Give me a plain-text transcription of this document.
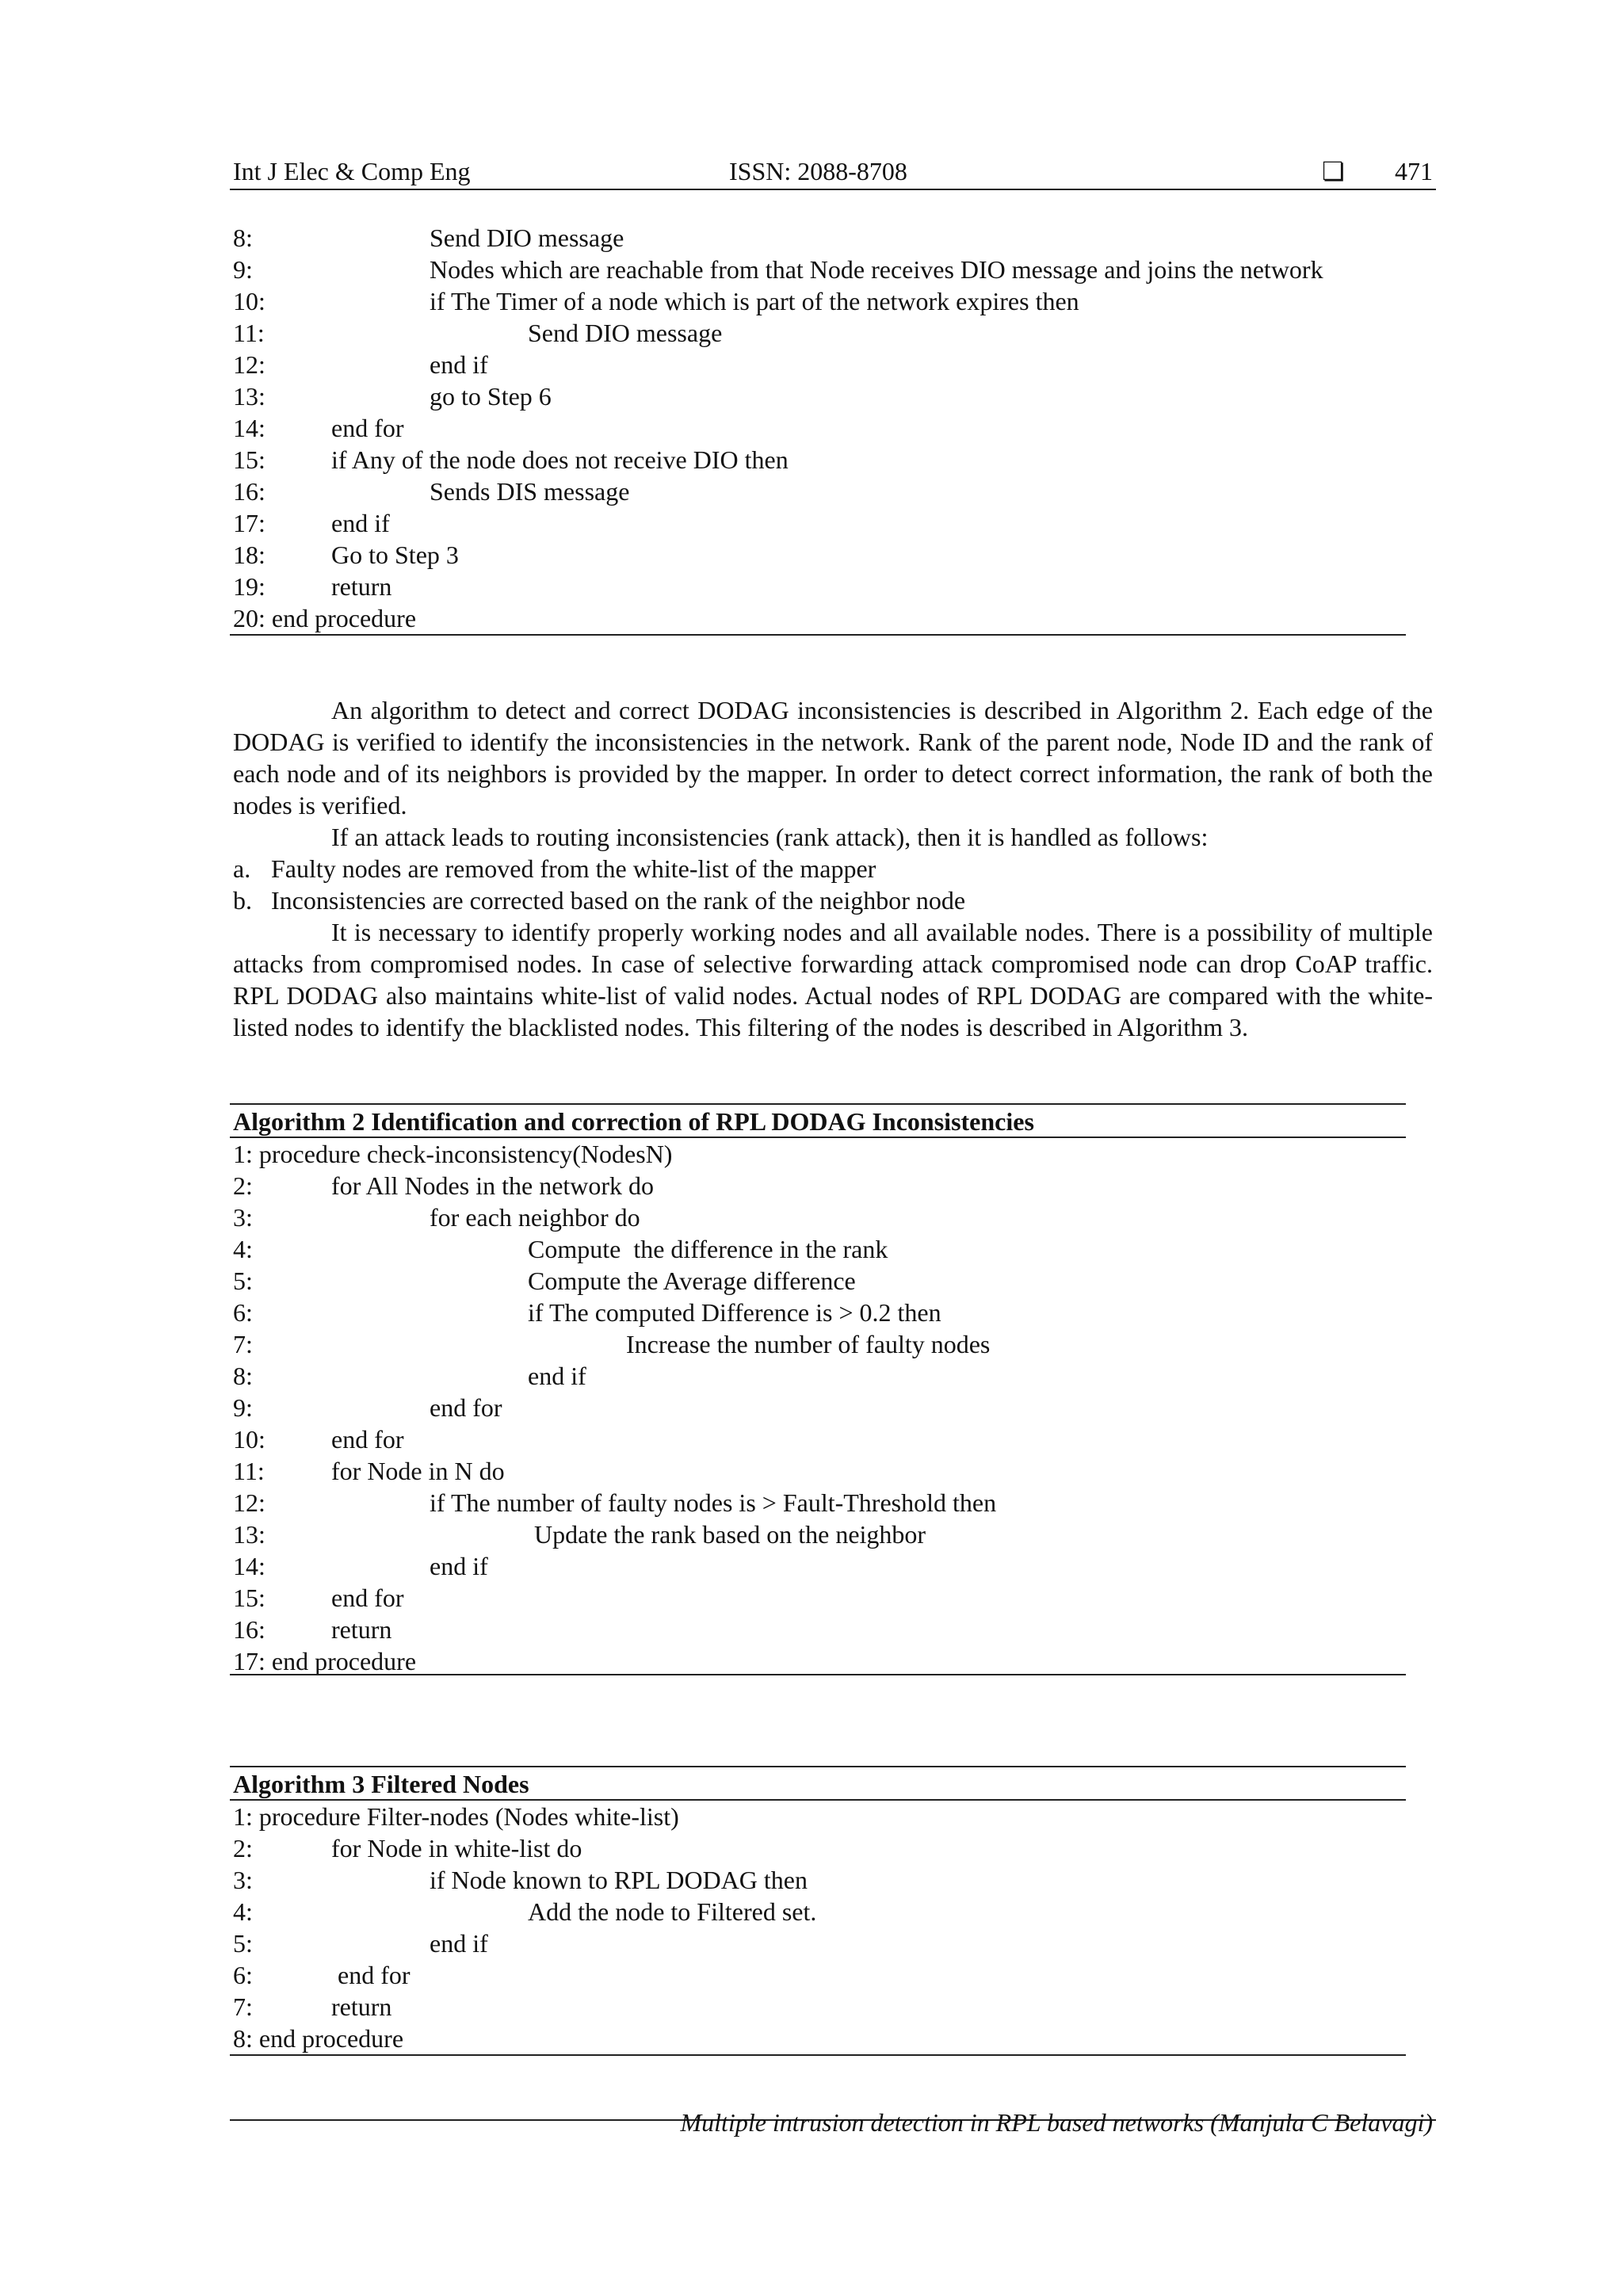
Int J Elec & Comp Eng	ISSN: 2088-8708	❏ 471
8:	Send DIO message
9:	Nodes which are reachable from that Node receives DIO message and joins the network
10:	if The Timer of a node which is part of the network expires then
11:	Send DIO message
12:	end if
13:	go to Step 6
14:	end for
15:	if Any of the node does not receive DIO then
16:	Sends DIS message
17:	end if
18:	Go to Step 3
19:	return
20: end procedure

An algorithm to detect and correct DODAG inconsistencies is described in Algorithm 2. Each edge of the DODAG is verified to identify the inconsistencies in the network. Rank of the parent node, Node ID and the rank of each node and of its neighbors is provided by the mapper. In order to detect correct information, the rank of both the nodes is verified.

If an attack leads to routing inconsistencies (rank attack), then it is handled as follows:

a. Faulty nodes are removed from the white-list of the mapper
b. Inconsistencies are corrected based on the rank of the neighbor node

It is necessary to identify properly working nodes and all available nodes. There is a possibility of multiple attacks from compromised nodes. In case of selective forwarding attack compromised node can drop CoAP traffic. RPL DODAG also maintains white-list of valid nodes. Actual nodes of RPL DODAG are compared with the white-listed nodes to identify the blacklisted nodes. This filtering of the nodes is described in Algorithm 3.

Algorithm 2 Identification and correction of RPL DODAG Inconsistencies
1: procedure check-inconsistency(NodesN)
2:	for All Nodes in the network do
3:	for each neighbor do
4:	Compute  the difference in the rank
5:	Compute the Average difference
6:	if The computed Difference is > 0.2 then
7:	Increase the number of faulty nodes
8:	end if
9:	end for
10:	end for
11:	for Node in N do
12:	if The number of faulty nodes is > Fault-Threshold then
13:	Update the rank based on the neighbor
14:	end if
15:	end for
16:	return
17: end procedure
Algorithm 3 Filtered Nodes
1: procedure Filter-nodes (Nodes white-list)
2:	for Node in white-list do
3:	if Node known to RPL DODAG then
4:	Add the node to Filtered set.
5:	end if
6:	end for
7:	return
8: end procedure
Multiple intrusion detection in RPL based networks (Manjula C Belavagi)
